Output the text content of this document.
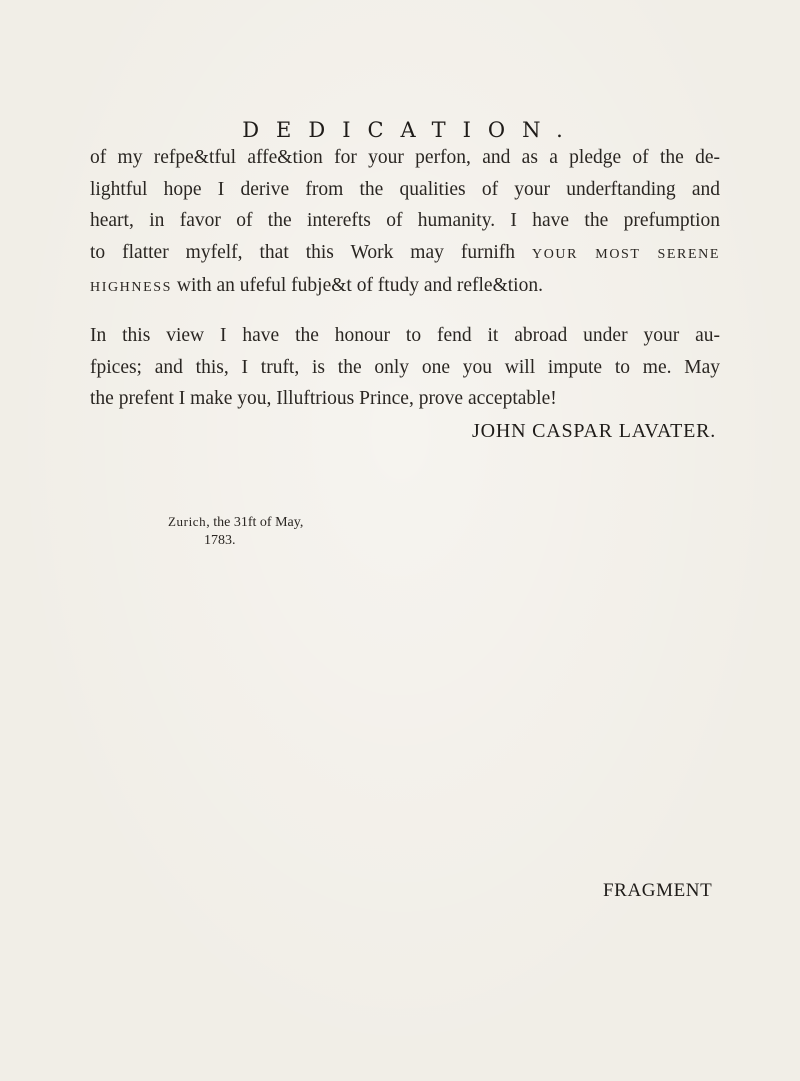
DEDICATION.
of my refpe&tful affe&tion for your perfon, and as a pledge of the de-
lightful hope I derive from the qualities of your underftanding and
heart, in favor of the interefts of humanity. I have the prefumption
to flatter myfelf, that this Work may furnifh YOUR MOST SERENE
HIGHNESS with an ufeful fubje&t of ftudy and refle&tion.
In this view I have the honour to fend it abroad under your au-
fpices; and this, I truft, is the only one you will impute to me. May
the prefent I make you, Illuftrious Prince, prove acceptable!
JOHN CASPAR LAVATER.
Zurich, the 31ft of May,
1783.
FRAGMENT
